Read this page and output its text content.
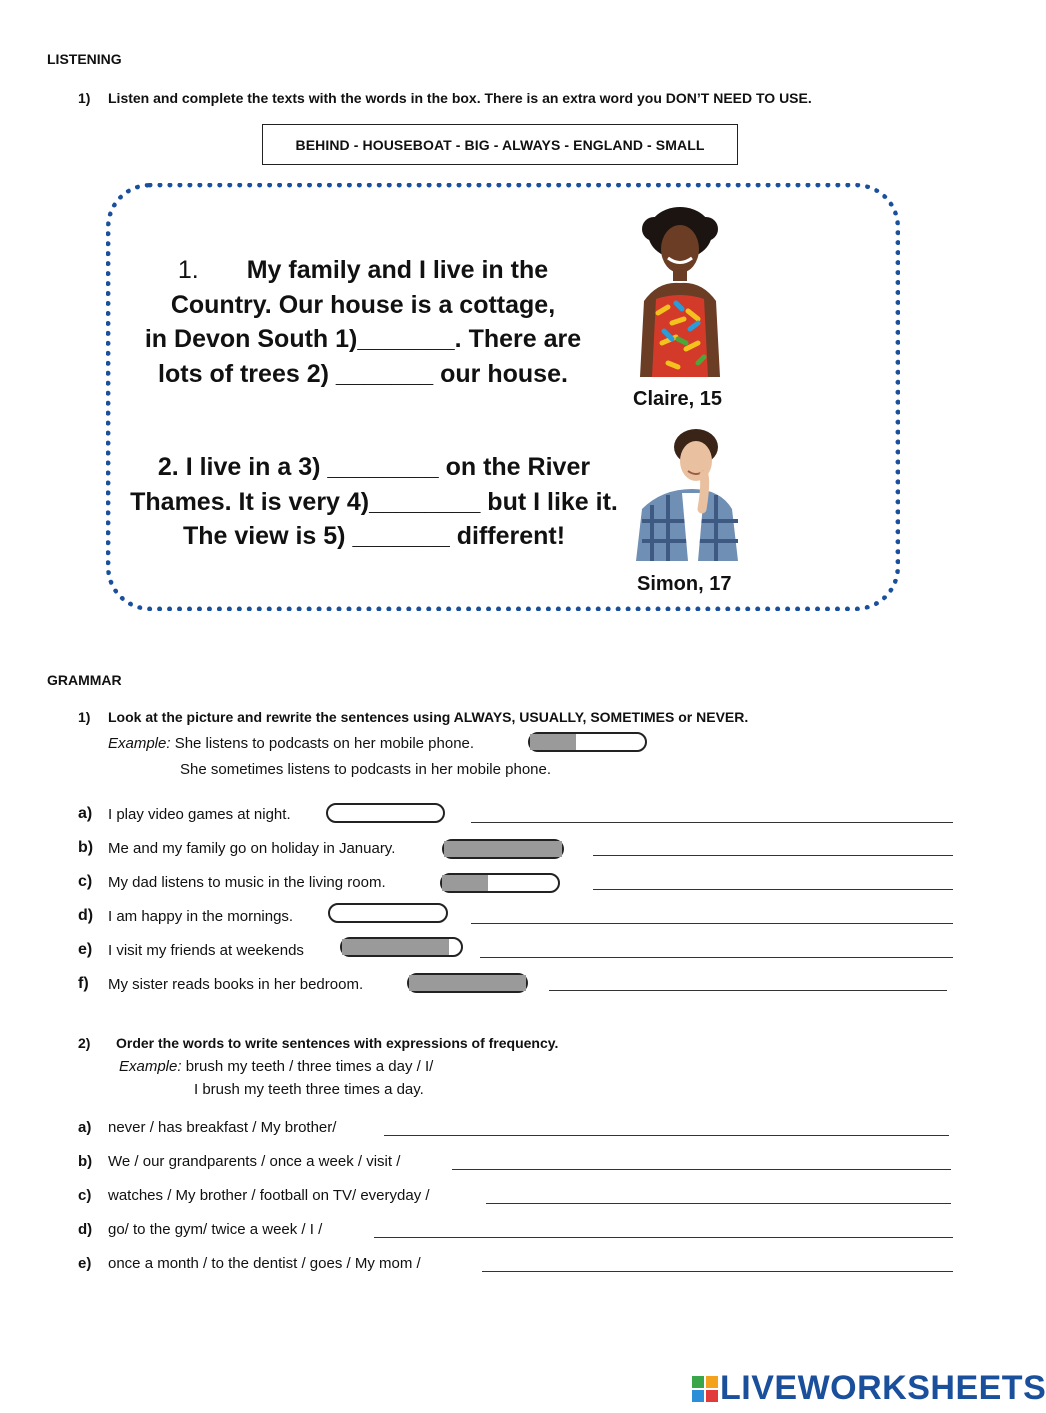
LISTENING
1) Listen and complete the texts with the words in the box. There is an extra word you DON’T NEED TO USE.
BEHIND - HOUSEBOAT - BIG - ALWAYS - ENGLAND - SMALL
1. My family and I live in the
Country. Our house is a cottage,
in Devon South 1)_______. There are
lots of trees 2) _______ our house.
2. I live in a 3) ________ on the River
Thames. It is very 4)________ but I like it.
The view is 5) _______ different!
Claire, 15
Simon, 17
GRAMMAR
1) Look at the picture and rewrite the sentences using ALWAYS, USUALLY, SOMETIMES or NEVER.
Example: She listens to podcasts on her mobile phone.
She sometimes listens to podcasts in her mobile phone.
a) I play video games at night.
b) Me and my family go on holiday in January.
c) My dad listens to music in the living room.
d) I am happy in the mornings.
e) I visit my friends at weekends
f) My sister reads books in her bedroom.
2) Order the words to write sentences with expressions of frequency.
Example: brush my teeth / three times a day / I/
I brush my teeth three times a day.
a) never / has breakfast / My brother/
b) We / our grandparents / once a week / visit /
c) watches / My brother / football on TV/ everyday /
d) go/ to the gym/ twice a week / I /
e) once a month / to the dentist / goes / My mom /
LIVEWORKSHEETS
